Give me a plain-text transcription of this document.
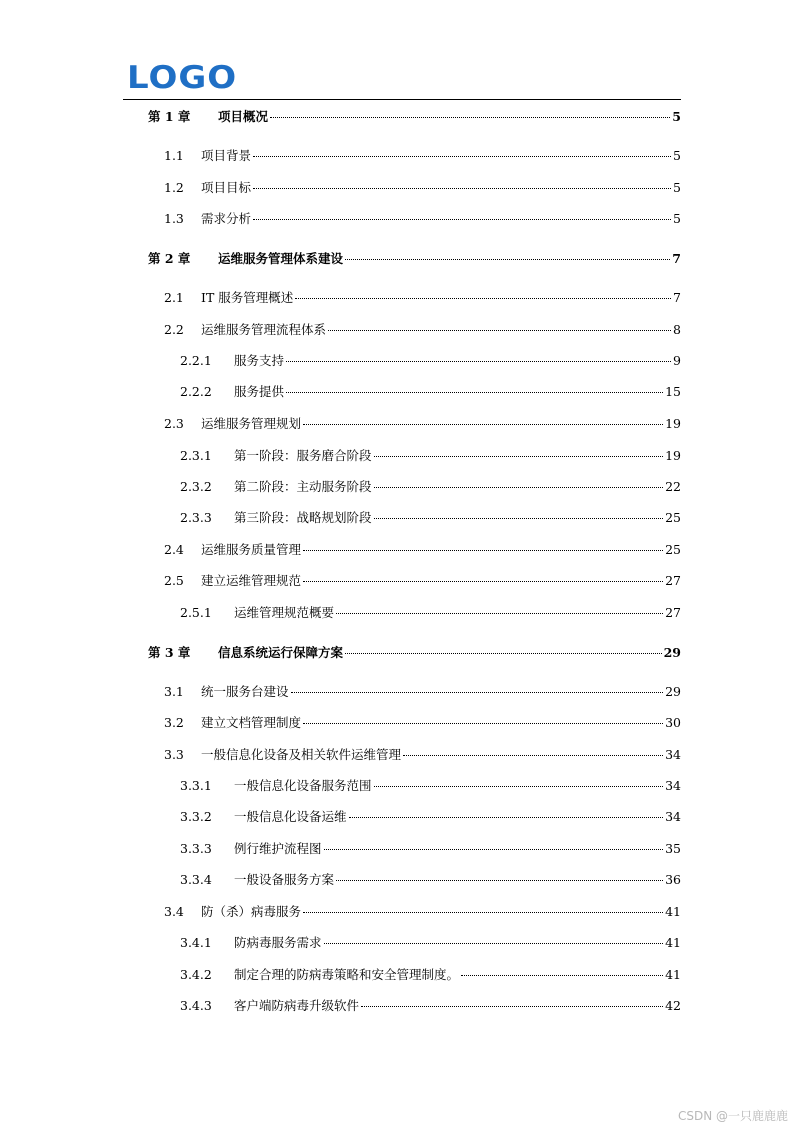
LOGO
第 1 章	项目概况	5
1.1	项目背景	5
1.2	项目目标	5
1.3	需求分析	5
第 2 章	运维服务管理体系建设	7
2.1	IT 服务管理概述	7
2.2	运维服务管理流程体系	8
2.2.1	服务支持	9
2.2.2	服务提供	15
2.3	运维服务管理规划	19
2.3.1	第一阶段：服务磨合阶段	19
2.3.2	第二阶段：主动服务阶段	22
2.3.3	第三阶段：战略规划阶段	25
2.4	运维服务质量管理	25
2.5	建立运维管理规范	27
2.5.1	运维管理规范概要	27
第 3 章	信息系统运行保障方案	29
3.1	统一服务台建设	29
3.2	建立文档管理制度	30
3.3	一般信息化设备及相关软件运维管理	34
3.3.1	一般信息化设备服务范围	34
3.3.2	一般信息化设备运维	34
3.3.3	例行维护流程图	35
3.3.4	一般设备服务方案	36
3.4	防（杀）病毒服务	41
3.4.1	防病毒服务需求	41
3.4.2	制定合理的防病毒策略和安全管理制度。	41
3.4.3	客户端防病毒升级软件	42
CSDN @一只鹿鹿鹿
